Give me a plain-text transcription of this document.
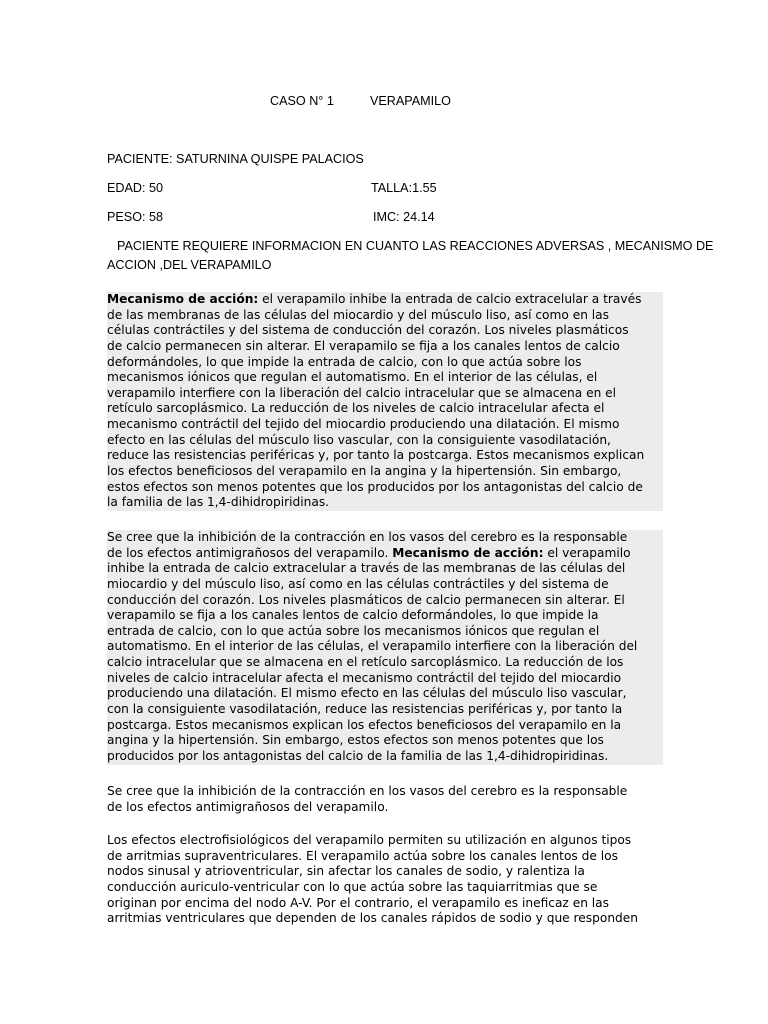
CASO N° 1	VERAPAMILO
PACIENTE: SATURNINA QUISPE PALACIOS
EDAD: 50	TALLA:1.55
PESO: 58	IMC: 24.14
PACIENTE REQUIERE INFORMACION EN CUANTO LAS REACCIONES ADVERSAS , MECANISMO DE
ACCION ,DEL VERAPAMILO
Mecanismo de acción: el verapamilo inhibe la entrada de calcio extracelular a través
de las membranas de las células del miocardio y del músculo liso, así como en las
células contráctiles y del sistema de conducción del corazón. Los niveles plasmáticos
de calcio permanecen sin alterar. El verapamilo se fija a los canales lentos de calcio
deformándoles, lo que impide la entrada de calcio, con lo que actúa sobre los
mecanismos iónicos que regulan el automatismo. En el interior de las células, el
verapamilo interfiere con la liberación del calcio intracelular que se almacena en el
retículo sarcoplásmico. La reducción de los niveles de calcio intracelular afecta el
mecanismo contráctil del tejido del miocardio produciendo una dilatación. El mismo
efecto en las células del músculo liso vascular, con la consiguiente vasodilatación,
reduce las resistencias periféricas y, por tanto la postcarga. Estos mecanismos explican
los efectos beneficiosos del verapamilo en la angina y la hipertensión. Sin embargo,
estos efectos son menos potentes que los producidos por los antagonistas del calcio de
la familia de las 1,4-dihidropiridinas.
Se cree que la inhibición de la contracción en los vasos del cerebro es la responsable
de los efectos antimigrañosos del verapamilo. Mecanismo de acción: el verapamilo
inhibe la entrada de calcio extracelular a través de las membranas de las células del
miocardio y del músculo liso, así como en las células contráctiles y del sistema de
conducción del corazón. Los niveles plasmáticos de calcio permanecen sin alterar. El
verapamilo se fija a los canales lentos de calcio deformándoles, lo que impide la
entrada de calcio, con lo que actúa sobre los mecanismos iónicos que regulan el
automatismo. En el interior de las células, el verapamilo interfiere con la liberación del
calcio intracelular que se almacena en el retículo sarcoplásmico. La reducción de los
niveles de calcio intracelular afecta el mecanismo contráctil del tejido del miocardio
produciendo una dilatación. El mismo efecto en las células del músculo liso vascular,
con la consiguiente vasodilatación, reduce las resistencias periféricas y, por tanto la
postcarga. Estos mecanismos explican los efectos beneficiosos del verapamilo en la
angina y la hipertensión. Sin embargo, estos efectos son menos potentes que los
producidos por los antagonistas del calcio de la familia de las 1,4-dihidropiridinas.
Se cree que la inhibición de la contracción en los vasos del cerebro es la responsable
de los efectos antimigrañosos del verapamilo.
Los efectos electrofisiológicos del verapamilo permiten su utilización en algunos tipos
de arritmias supraventriculares. El verapamilo actúa sobre los canales lentos de los
nodos sinusal y atrioventricular, sin afectar los canales de sodio, y ralentiza la
conducción auriculo-ventricular con lo que actúa sobre las taquiarritmias que se
originan por encima del nodo A-V. Por el contrario, el verapamilo es ineficaz en las
arritmias ventriculares que dependen de los canales rápidos de sodio y que responden
